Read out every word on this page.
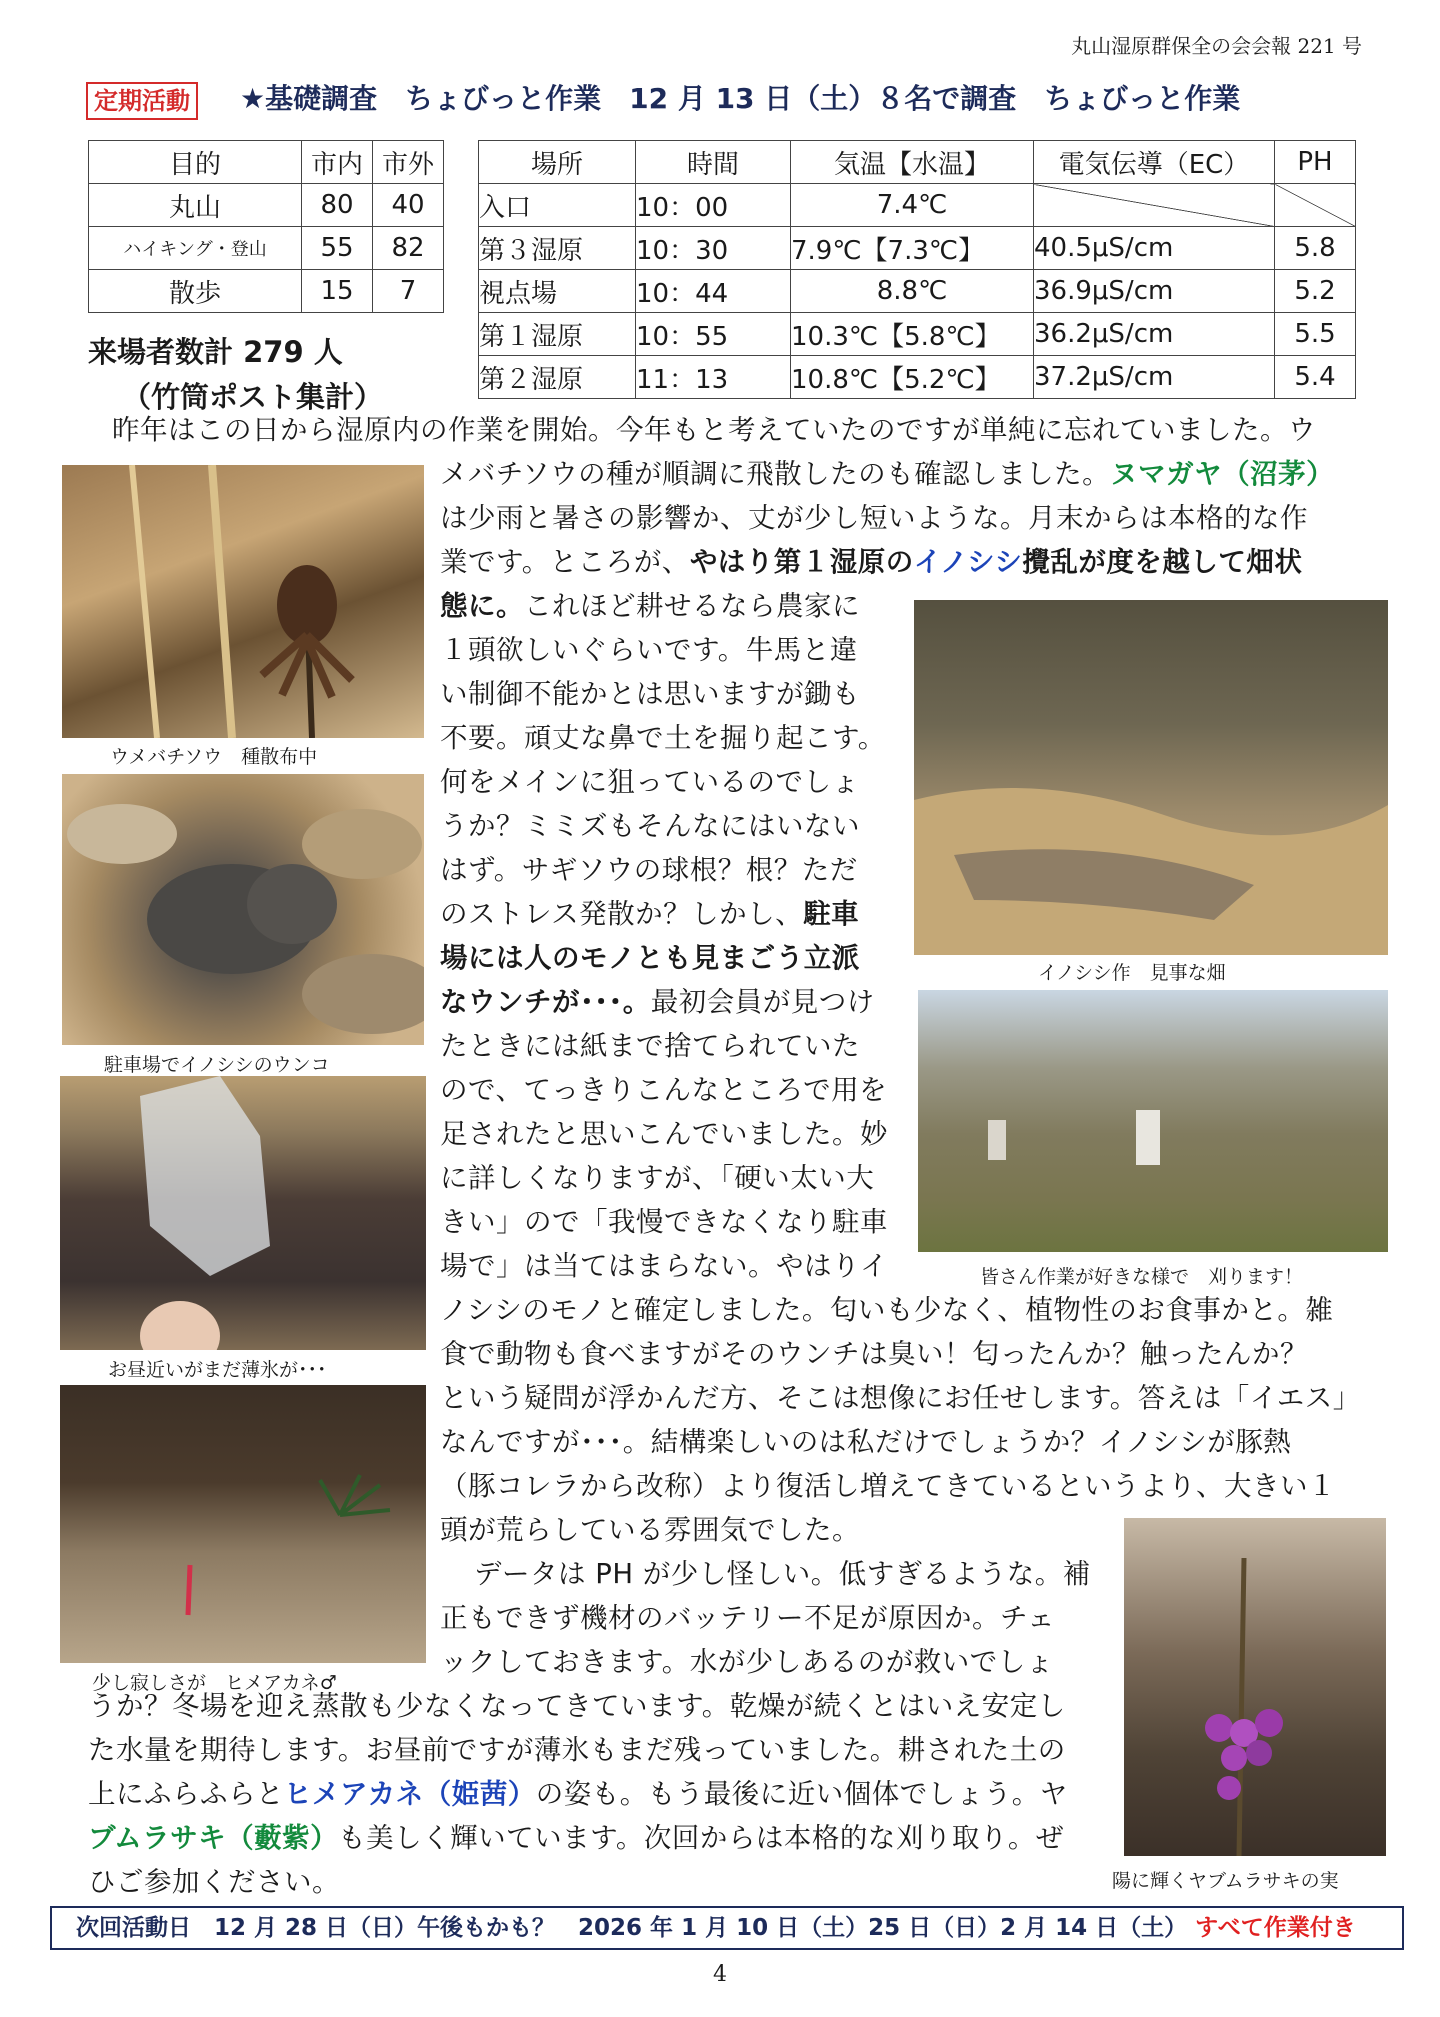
丸山湿原群保全の会会報 221 号
定期活動 ★基礎調査　ちょびっと作業　12 月 13 日（土）８名で調査　ちょびっと作業
目的	市内	市外
丸山	80	40
ハイキング・登山	55	82
散歩	15	7
来場者数計 279 人
（竹筒ポスト集計）
場所	時間	気温【水温】	電気伝導（EC）	PH
入口	10：00	7.4℃		
第３湿原	10：30	7.9℃【7.3℃】	40.5μS/cm	5.8
視点場	10：44	8.8℃	36.9μS/cm	5.2
第１湿原	10：55	10.3℃【5.8℃】	36.2μS/cm	5.5
第２湿原	11：13	10.8℃【5.2℃】	37.2μS/cm	5.4
ウメバチソウ　種散布中
駐車場でイノシシのウンコ
お昼近いがまだ薄氷が･･･
少し寂しさが　ヒメアカネ♂
イノシシ作　見事な畑
皆さん作業が好きな様で　刈ります！
陽に輝くヤブムラサキの実
昨年はこの日から湿原内の作業を開始。今年もと考えていたのですが単純に忘れていました。ウ
メバチソウの種が順調に飛散したのも確認しました。ヌマガヤ（沼茅）
は少雨と暑さの影響か、丈が少し短いような。月末からは本格的な作
業です。ところが、やはり第１湿原のイノシシ攪乱が度を越して畑状
態に。これほど耕せるなら農家に
１頭欲しいぐらいです。牛馬と違
い制御不能かとは思いますが鋤も
不要。頑丈な鼻で土を掘り起こす。
何をメインに狙っているのでしょ
うか？ミミズもそんなにはいない
はず。サギソウの球根？根？ただ
のストレス発散か？しかし、駐車
場には人のモノとも見まごう立派
なウンチが･･･。最初会員が見つけ
たときには紙まで捨てられていた
ので、てっきりこんなところで用を
足されたと思いこんでいました。妙
に詳しくなりますが、「硬い太い大
きい」ので「我慢できなくなり駐車
場で」は当てはまらない。やはりイ
ノシシのモノと確定しました。匂いも少なく、植物性のお食事かと。雑
食で動物も食べますがそのウンチは臭い！匂ったんか？触ったんか？
という疑問が浮かんだ方、そこは想像にお任せします。答えは「イエス」
なんですが･･･。結構楽しいのは私だけでしょうか？イノシシが豚熱
（豚コレラから改称）より復活し増えてきているというより、大きい１
頭が荒らしている雰囲気でした。
データは PH が少し怪しい。低すぎるような。補
正もできず機材のバッテリー不足が原因か。チェ
ックしておきます。水が少しあるのが救いでしょ
うか？冬場を迎え蒸散も少なくなってきています。乾燥が続くとはいえ安定し
た水量を期待します。お昼前ですが薄氷もまだ残っていました。耕された土の
上にふらふらとヒメアカネ（姫茜）の姿も。もう最後に近い個体でしょう。ヤ
ブムラサキ（藪紫）も美しく輝いています。次回からは本格的な刈り取り。ぜ
ひご参加ください。
次回活動日　12 月 28 日（日）午後もかも？　2026 年 1 月 10 日（土）25 日（日）2 月 14 日（土） すべて作業付き
4
